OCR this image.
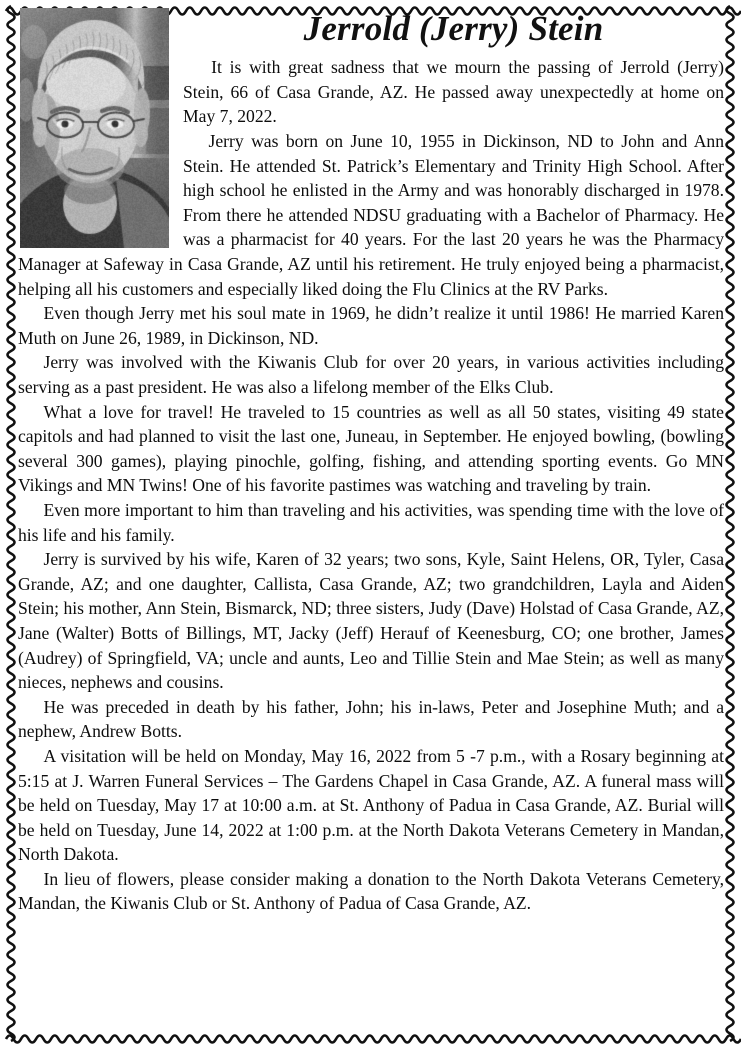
Jerrold (Jerry) Stein

It is with great sadness that we mourn the passing of Jerrold (Jerry) Stein, 66 of Casa Grande, AZ. He passed away unexpectedly at home on May 7, 2022.

Jerry was born on June 10, 1955 in Dickinson, ND to John and Ann Stein. He attended St. Patrick’s Elementary and Trinity High School. After high school he enlisted in the Army and was honorably discharged in 1978. From there he attended NDSU graduating with a Bachelor of Pharmacy. He was a pharmacist for 40 years. For the last 20 years he was the Pharmacy Manager at Safeway in Casa Grande, AZ until his retirement. He truly enjoyed being a pharmacist, helping all his customers and especially liked doing the Flu Clinics at the RV Parks.

Even though Jerry met his soul mate in 1969, he didn’t realize it until 1986! He married Karen Muth on June 26, 1989, in Dickinson, ND.

Jerry was involved with the Kiwanis Club for over 20 years, in various activities including serving as a past president. He was also a lifelong member of the Elks Club.

What a love for travel! He traveled to 15 countries as well as all 50 states, visiting 49 state capitols and had planned to visit the last one, Juneau, in September. He enjoyed bowling, (bowling several 300 games), playing pinochle, golfing, fishing, and attending sporting events. Go MN Vikings and MN Twins! One of his favorite pastimes was watching and traveling by train.

Even more important to him than traveling and his activities, was spending time with the love of his life and his family.

Jerry is survived by his wife, Karen of 32 years; two sons, Kyle, Saint Helens, OR, Tyler, Casa Grande, AZ; and one daughter, Callista, Casa Grande, AZ; two grandchildren, Layla and Aiden Stein; his mother, Ann Stein, Bismarck, ND; three sisters, Judy (Dave) Holstad of Casa Grande, AZ, Jane (Walter) Botts of Billings, MT, Jacky (Jeff) Herauf of Keenesburg, CO; one brother, James (Audrey) of Springfield, VA; uncle and aunts, Leo and Tillie Stein and Mae Stein; as well as many nieces, nephews and cousins.

He was preceded in death by his father, John; his in-laws, Peter and Josephine Muth; and a nephew, Andrew Botts.

A visitation will be held on Monday, May 16, 2022 from 5 -7 p.m., with a Rosary beginning at 5:15 at J. Warren Funeral Services – The Gardens Chapel in Casa Grande, AZ. A funeral mass will be held on Tuesday, May 17 at 10:00 a.m. at St. Anthony of Padua in Casa Grande, AZ. Burial will be held on Tuesday, June 14, 2022 at 1:00 p.m. at the North Dakota Veterans Cemetery in Mandan, North Dakota.

In lieu of flowers, please consider making a donation to the North Dakota Veterans Cemetery, Mandan, the Kiwanis Club or St. Anthony of Padua of Casa Grande, AZ.
